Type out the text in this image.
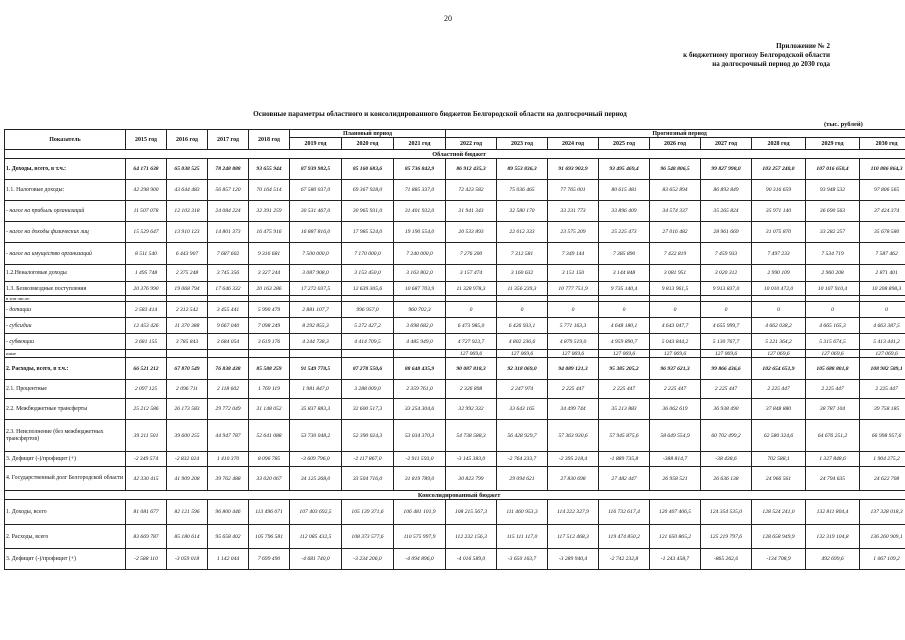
20
Приложение № 2
к бюджетному прогнозу Белгородской области
на долгосрочный период до 2030 года
Основные параметры областного и консолидированного бюджетов Белгородской области на долгосрочный период
(тыс. рублей)
Показатель	2015 год	2016 год	2017 год	2018 год	Плановый период			Прогнозный период								
					2019 год	2020 год	2021 год	2022 год	2023 год	2024 год	2025 год	2026 год	2027 год	2028 год	2029 год	2030 год
Областной бюджет																
1. Доходы, всего, в т.ч.:	64 171 638	65 038 525	78 248 888	93 655 944	87 939 982,5	85 160 683,6	85 736 842,9	86 912 435,3	89 553 836,3	91 693 902,9	93 495 469,4	96 548 806,5	99 827 998,0	103 257 240,0	107 016 650,4	110 886 864,3
1.1. Налоговые доходы:	42 298 900	43 644 483	56 857 120	70 164 514	67 580 037,0	69 367 928,0	71 885 337,0	72 423 582	75 036 465	77 765 001	80 615 481	83 652 894	86 893 849	90 316 659	93 948 532	97 806 565
- налог на прибыль организаций	11 507 078	12 103 318	24 084 224	32 391 259	30 531 467,0	30 965 931,0	31 401 932,0	31 941 343	32 580 170	33 231 773	33 896 409	34 574 337	35 265 824	35 971 140	36 690 563	37 424 374
- налог на доходы физических лиц	15 529 647	13 910 123	14 801 373	16 475 916	16 887 816,0	17 985 524,0	19 190 554,0	20 533 893	22 012 333	23 575 209	25 225 473	27 016 482	28 961 669	31 075 870	33 282 257	35 678 580
- налог на имущество организаций	8 511 540	6 443 907	7 687 602	9 316 681	7 500 000,0	7 170 000,0	7 240 000,0	7 276 200	7 312 581	7 349 144	7 385 890	7 422 819	7 459 933	7 497 233	7 534 719	7 587 462
1.2.Неналоговые доходы	1 495 748	2 375 248	3 745 356	3 327 244	3 087 908,0	3 153 450,0	3 163 802,0	3 157 474	3 160 632	3 151 150	3 144 848	3 081 951	3 020 312	2 990 109	2 960 208	2 871 401
1.3. Безвозмездные поступления	20 376 990	19 068 794	17 646 332	20 163 286	17 272 037,5	12 639 305,6	10 687 703,9	11 328 978,3	11 356 239,3	10 777 751,9	9 735 140,4	9 813 961,5	9 913 837,0	10 010 472,0	10 107 910,4	10 208 898,3
в том числе:																
- дотации	2 583 414	2 312 542	3 455 441	5 990 479	2 881 107,7	996 957,0	960 702,3	0	0	0	0	0	0	0	0	0
- субсидии	12 453 426	11 370 388	9 667 040	7 098 249	8 292 855,3	5 272 427,2	3 698 682,0	6 473 985,0	6 426 933,1	5 771 163,3	4 648 180,1	4 643 047,7	4 655 999,7	4 662 038,2	4 665 165,3	4 663 387,5
- субвенции	3 681 155	3 785 843	3 684 054	3 619 176	4 244 738,3	4 414 709,5	4 485 949,0	4 727 923,7	4 802 236,6	4 879 519,0	4 959 890,7	5 043 844,2	5 130 767,7	5 221 364,2	5 315 674,5	5 413 441,2
иные								127 069,6	127 069,6	127 069,6	127 069,6	127 069,6	127 069,6	127 069,6	127 069,6	127 069,6
2. Расходы, всего, в т.ч.:	66 521 212	67 870 549	76 838 438	85 588 259	91 549 778,5	87 278 550,6	88 648 435,9	90 087 818,3	92 318 069,0	94 089 121,3	95 385 205,2	96 937 621,3	99 866 436,6	102 654 651,9	105 688 801,8	108 982 589,1
2.1. Процентные	2 097 125	2 096 711	2 118 602	1 769 119	1 981 847,0	3 288 009,0	2 359 761,0	2 326 898	2 247 974	2 225 447	2 225 447	2 225 447	2 225 447	2 225 447	2 225 447	2 225 447
2.2. Межбюджетные трансферты	25 212 586	26 173 583	29 772 049	31 148 052	35 837 883,3	32 600 517,3	33 254 304,6	32 992 332	33 643 165	34 499 744	35 213 883	36 062 619	36 938 490	37 848 880	38 787 104	39 758 185
2.3. Неисполнение (без межбюджетных трансфертов)	39 211 501	39 600 255	44 947 787	52 641 088	53 730 048,2	52 390 024,3	53 034 370,3	54 738 588,3	56 428 929,7	57 363 930,6	57 945 875,6	58 649 554,9	60 702 499,2	62 580 324,6	64 676 251,2	66 998 957,6
3. Дефицит (-)/профицит (+)	-2 349 574	-2 832 024	1 410 370	8 096 785	-3 609 796,0	-2 117 867,0	-2 911 593,0	-3 145 383,0	-2 764 233,7	-2 395 218,4	-1 889 735,8	-388 814,7	-38 438,6	702 588,1	1 327 848,6	1 904 275,2
4. Государственный долг Белгородской области	42 330 415	41 909 208	39 762 488	33 020 067	34 125 268,0	33 504 716,0	31 819 789,0	30 823 799	29 094 621	27 830 698	27 482 447	26 958 521	26 636 138	24 966 561	24 794 635	24 622 708
Консолидированный бюджет																
1. Доходы, всего	81 081 677	82 121 596	96 800 446	113 496 071	107 403 692,5	105 139 371,6	106 481 101,9	108 215 567,3	111 460 953,3	114 222 327,9	116 732 617,4	120 407 406,5	124 354 535,0	128 524 241,0	132 811 804,4	137 328 018,3
2. Расходы, всего	83 669 787	85 180 614	95 658 402	105 796 581	112 085 432,5	108 373 577,6	110 575 997,9	112 232 156,3	115 111 117,0	117 512 468,3	119 474 850,2	121 650 865,2	125 219 797,6	128 658 949,9	132 319 104,8	136 260 909,1
3. Дефицит (-)/профицит (+)	-2 588 110	-3 059 018	1 142 044	7 699 490	-4 681 740,0	-3 234 206,0	-4 094 896,0	-4 016 589,0	-3 650 163,7	-3 289 940,4	-2 742 232,8	-1 243 458,7	-865 262,6	-134 708,9	492 699,6	1 067 109,2
